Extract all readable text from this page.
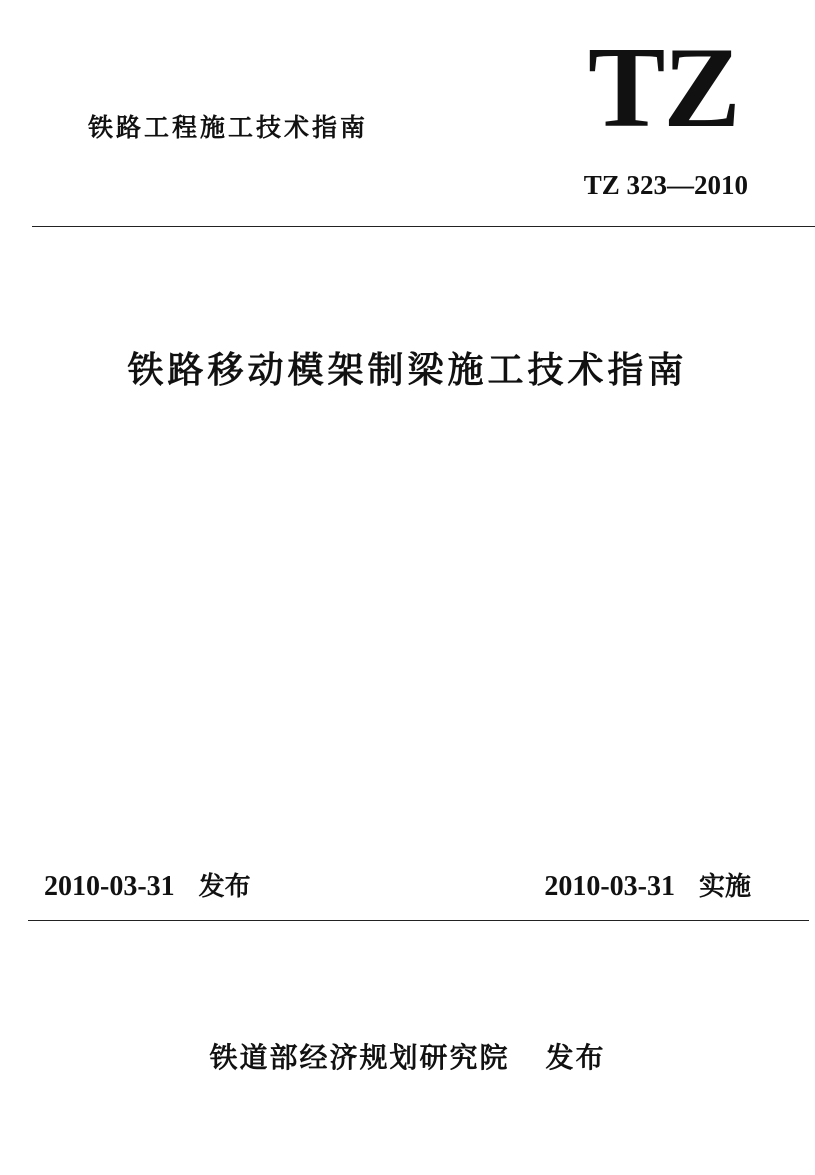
铁路工程施工技术指南 TZ
TZ 323—2010
铁路移动模架制梁施工技术指南
2010-03-31 发布	2010-03-31 实施
铁道部经济规划研究院 发布
